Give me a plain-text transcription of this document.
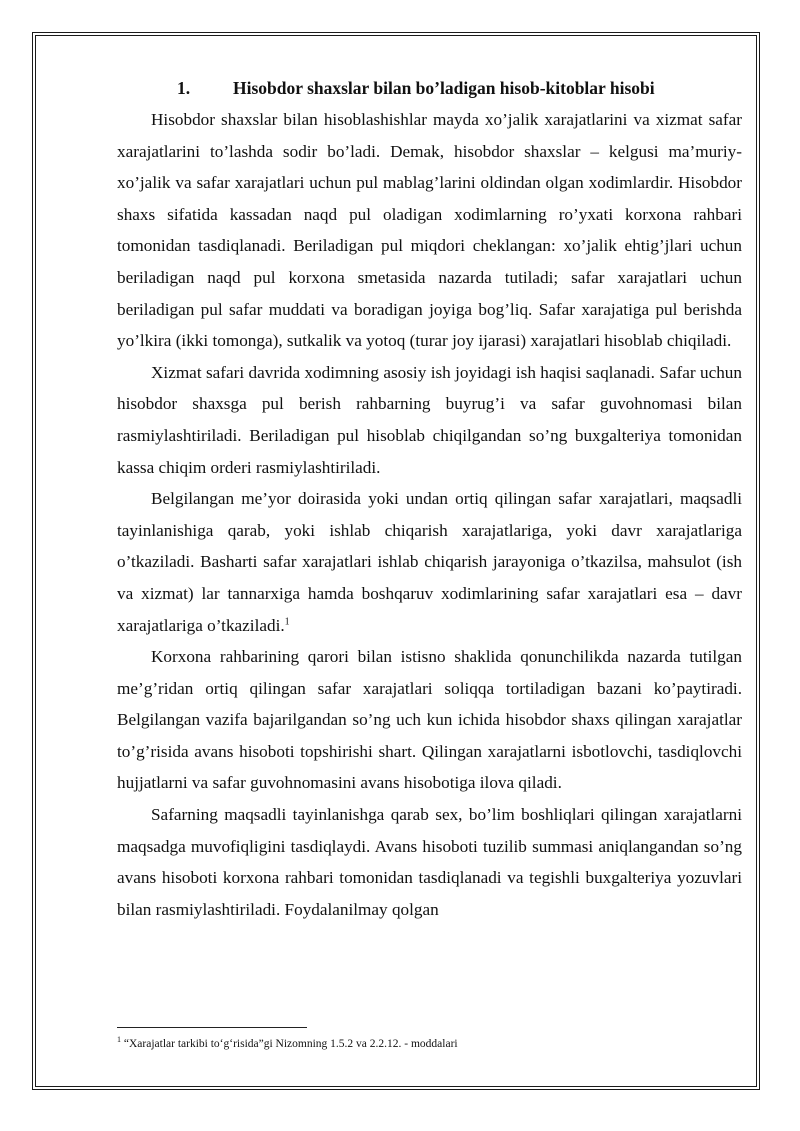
1. Hisobdor shaxslar bilan bo’ladigan hisob-kitoblar hisobi

Hisobdor shaxslar bilan hisoblashishlar mayda xo’jalik xarajatlarini va xizmat safar xarajatlarini to’lashda sodir bo’ladi. Demak, hisobdor shaxslar – kelgusi ma’muriy-xo’jalik va safar xarajatlari uchun pul mablag’larini oldindan olgan xodimlardir. Hisobdor shaxs sifatida kassadan naqd pul oladigan xodimlarning ro’yxati korxona rahbari tomonidan tasdiqlanadi. Beriladigan pul miqdori cheklangan: xo’jalik ehtig’jlari uchun beriladigan naqd pul korxona smetasida nazarda tutiladi; safar xarajatlari uchun beriladigan pul safar muddati va boradigan joyiga bog’liq. Safar xarajatiga pul berishda yo’lkira (ikki tomonga), sutkalik va yotoq (turar joy ijarasi) xarajatlari hisoblab chiqiladi.

Xizmat safari davrida xodimning asosiy ish joyidagi ish haqisi saqlanadi. Safar uchun hisobdor shaxsga pul berish rahbarning buyrug’i va safar guvohnomasi bilan rasmiylashtiriladi. Beriladigan pul hisoblab chiqilgandan so’ng buxgalteriya tomonidan kassa chiqim orderi rasmiylashtiriladi.

Belgilangan me’yor doirasida yoki undan ortiq qilingan safar xarajatlari, maqsadli tayinlanishiga qarab, yoki ishlab chiqarish xarajatlariga, yoki davr xarajatlariga o’tkaziladi. Basharti safar xarajatlari ishlab chiqarish jarayoniga o’tkazilsa, mahsulot (ish va xizmat) lar tannarxiga hamda boshqaruv xodimlarining safar xarajatlari esa – davr xarajatlariga o’tkaziladi.$^1$

Korxona rahbarining qarori bilan istisno shaklida qonunchilikda nazarda tutilgan me’g’ridan ortiq qilingan safar xarajatlari soliqqa tortiladigan bazani ko’paytiradi. Belgilangan vazifa bajarilgandan so’ng uch kun ichida hisobdor shaxs qilingan xarajatlar to’g’risida avans hisoboti topshirishi shart. Qilingan xarajatlarni isbotlovchi, tasdiqlovchi hujjatlarni va safar guvohnomasini avans hisobotiga ilova qiladi.

Safarning maqsadli tayinlanishga qarab sex, bo’lim boshliqlari qilingan xarajatlarni maqsadga muvofiqligini tasdiqlaydi. Avans hisoboti tuzilib summasi aniqlangandan so’ng avans hisoboti korxona rahbari tomonidan tasdiqlanadi va tegishli buxgalteriya yozuvlari bilan rasmiylashtiriladi. Foydalanilmay qolgan

$^1$ “Xarajatlar tarkibi to‘g‘risida”gi Nizomning 1.5.2 va 2.2.12. - moddalari
